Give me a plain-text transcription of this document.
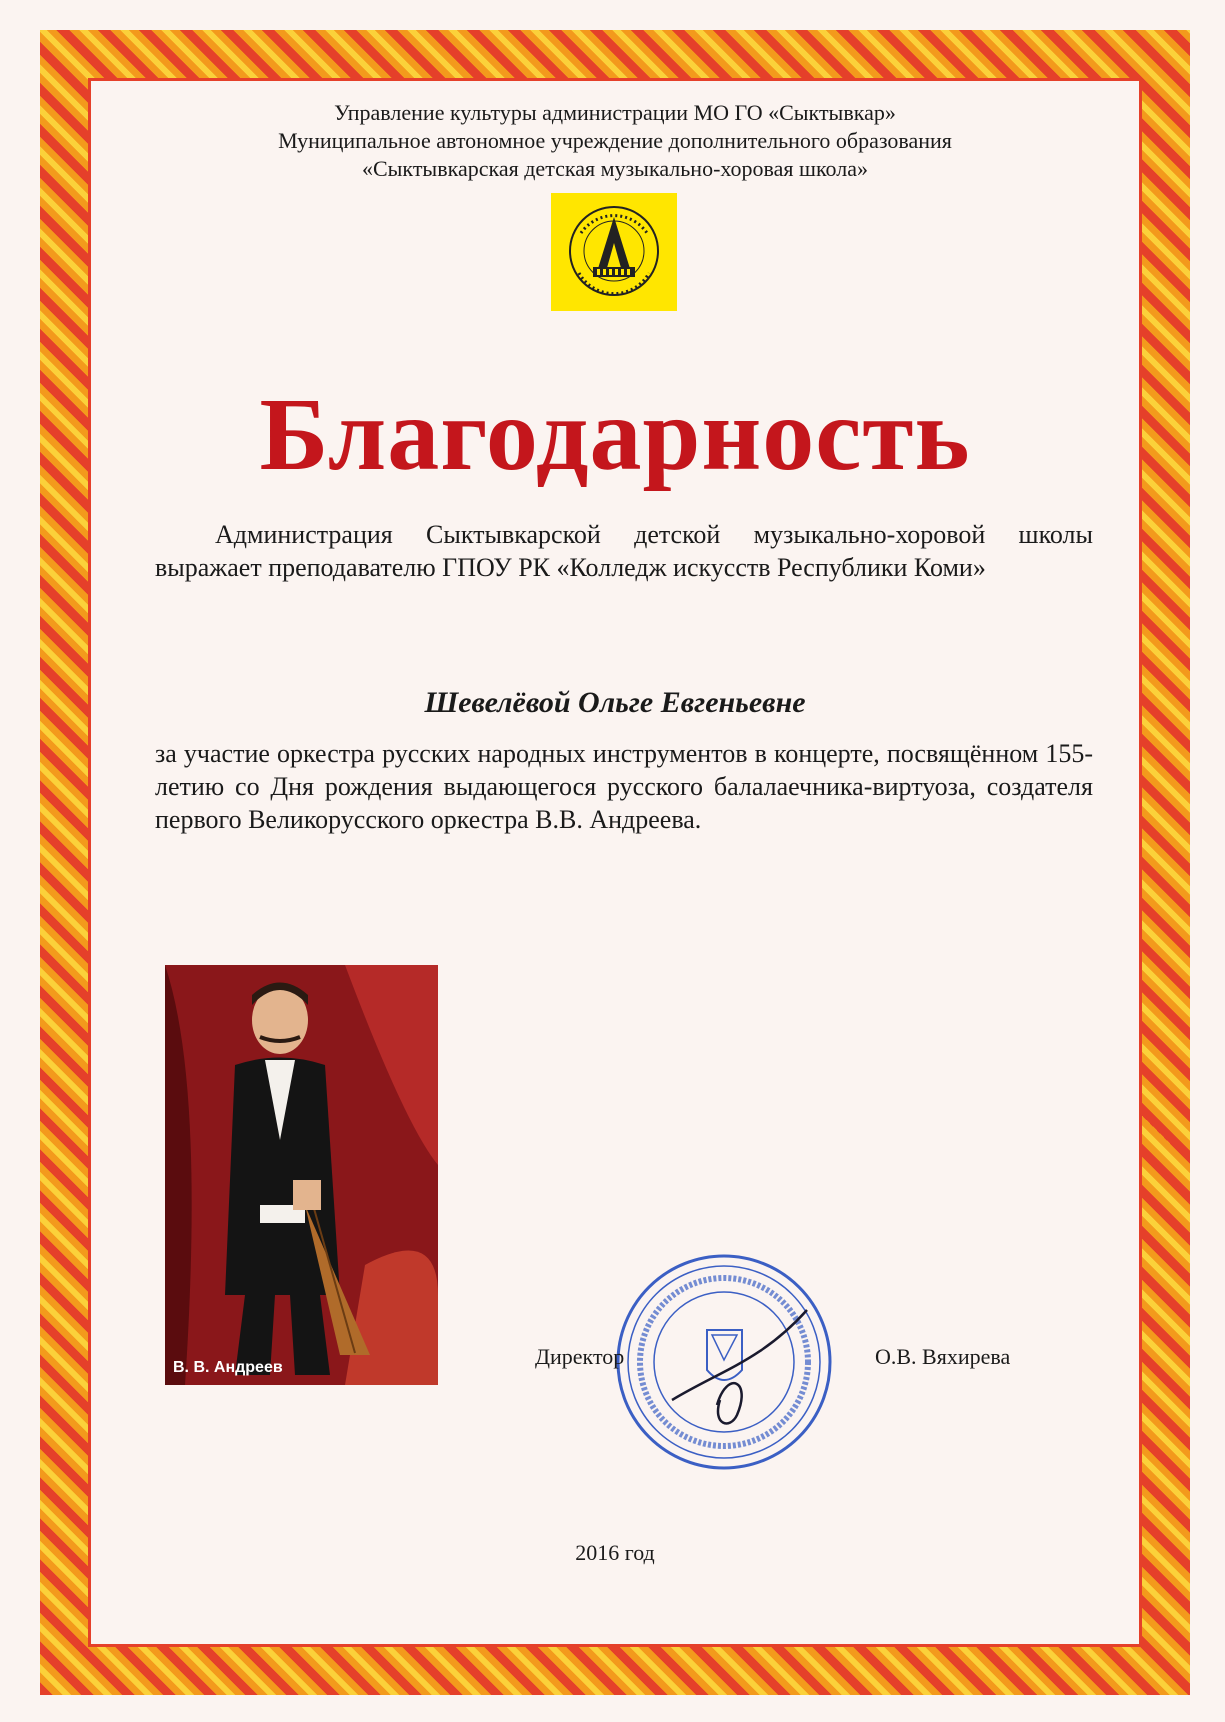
Управление культуры администрации МО ГО «Сыктывкар»
Муниципальное автономное учреждение дополнительного образования
«Сыктывкарская детская музыкально-хоровая школа»
Благодарность
Администрация Сыктывкарской детской музыкально-хоровой школы выражает преподавателю ГПОУ РК «Колледж искусств Республики Коми»
Шевелёвой Ольге Евгеньевне
за участие оркестра русских народных инструментов в концерте, посвящённом 155-летию со Дня рождения выдающегося русского балалаечника-виртуоза, создателя первого Великорусского оркестра В.В. Андреева.
В. В. Андреев	Директор	О.В. Вяхирева
2016 год
